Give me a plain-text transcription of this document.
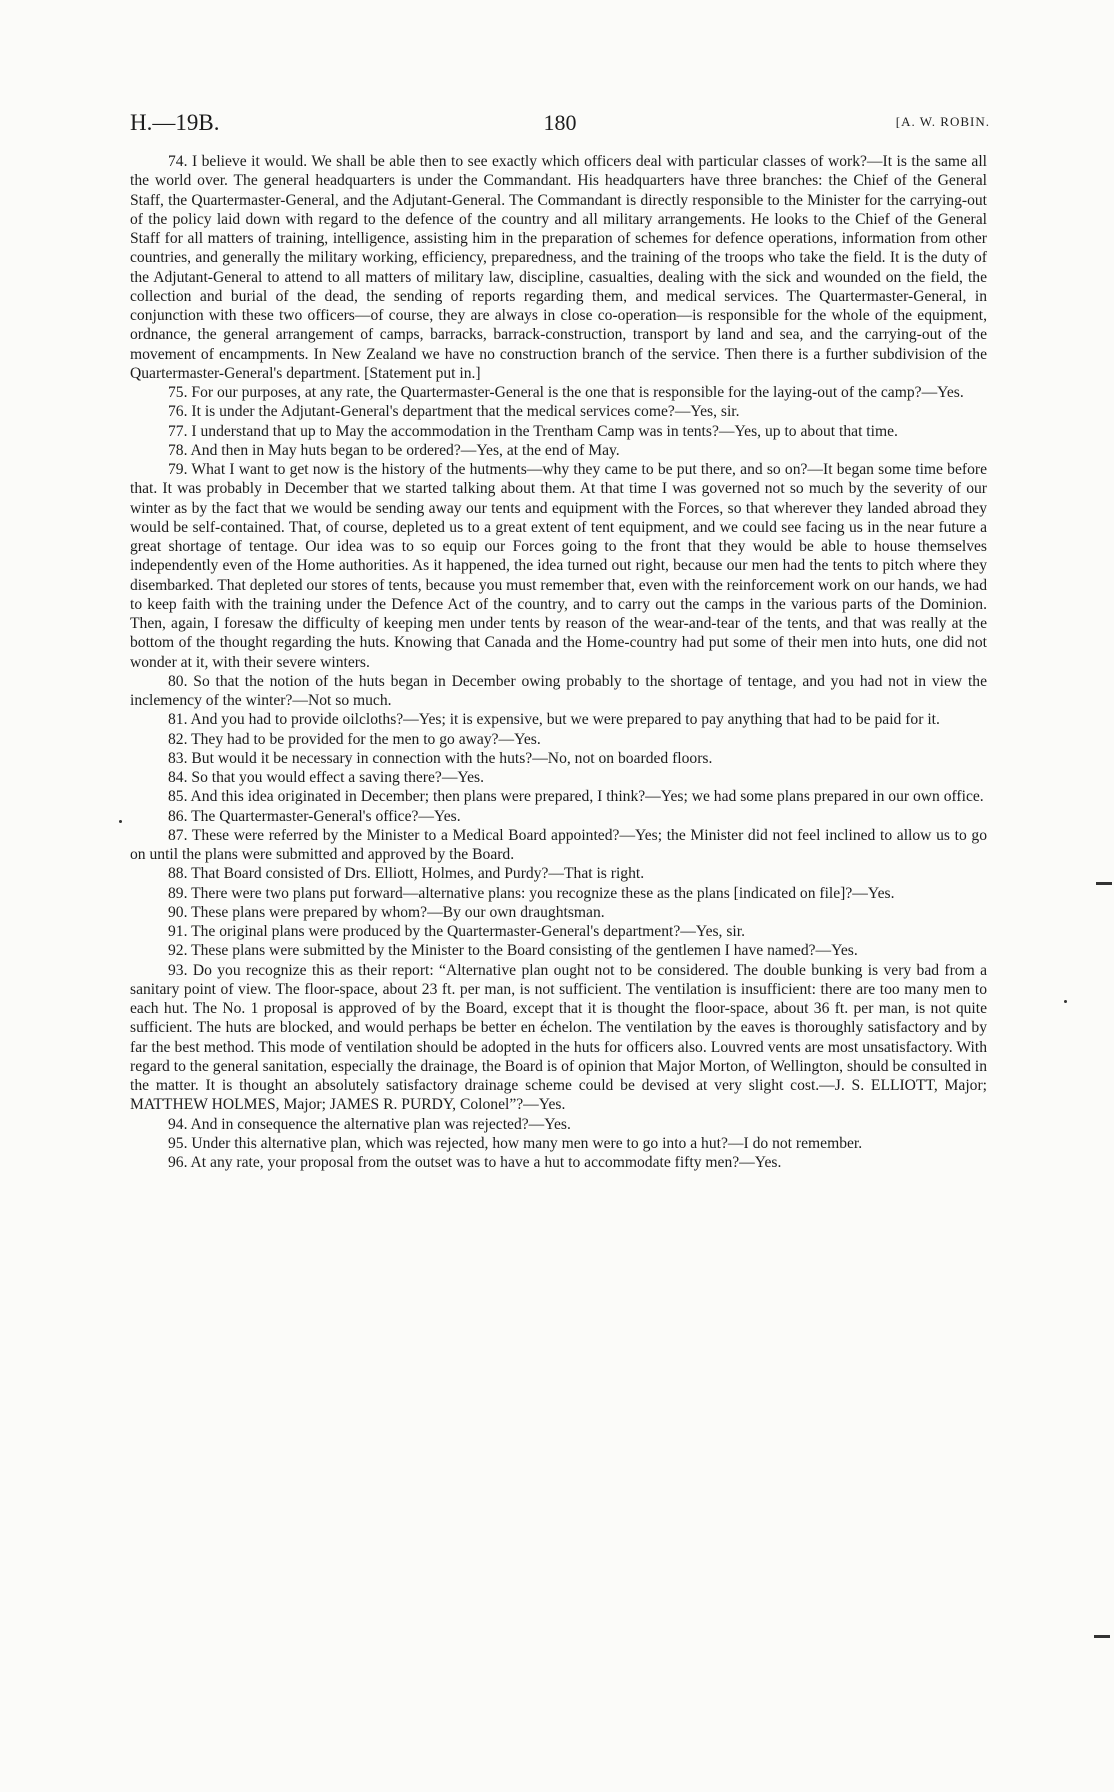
H.—19B.	180	[A. W. ROBIN.

74. I believe it would. We shall be able then to see exactly which officers deal with particular classes of work?—It is the same all the world over. The general headquarters is under the Commandant. His headquarters have three branches: the Chief of the General Staff, the Quartermaster-General, and the Adjutant-General. The Commandant is directly responsible to the Minister for the carrying-out of the policy laid down with regard to the defence of the country and all military arrangements. He looks to the Chief of the General Staff for all matters of training, intelligence, assisting him in the preparation of schemes for defence operations, information from other countries, and generally the military working, efficiency, preparedness, and the training of the troops who take the field. It is the duty of the Adjutant-General to attend to all matters of military law, discipline, casualties, dealing with the sick and wounded on the field, the collection and burial of the dead, the sending of reports regarding them, and medical services. The Quartermaster-General, in conjunction with these two officers—of course, they are always in close co-operation—is responsible for the whole of the equipment, ordnance, the general arrangement of camps, barracks, barrack-construction, transport by land and sea, and the carrying-out of the movement of encampments. In New Zealand we have no construction branch of the service. Then there is a further subdivision of the Quartermaster-General's department. [Statement put in.]

75. For our purposes, at any rate, the Quartermaster-General is the one that is responsible for the laying-out of the camp?—Yes.

76. It is under the Adjutant-General's department that the medical services come?—Yes, sir.

77. I understand that up to May the accommodation in the Trentham Camp was in tents?—Yes, up to about that time.

78. And then in May huts began to be ordered?—Yes, at the end of May.

79. What I want to get now is the history of the hutments—why they came to be put there, and so on?—It began some time before that. It was probably in December that we started talking about them. At that time I was governed not so much by the severity of our winter as by the fact that we would be sending away our tents and equipment with the Forces, so that wherever they landed abroad they would be self-contained. That, of course, depleted us to a great extent of tent equipment, and we could see facing us in the near future a great shortage of tentage. Our idea was to so equip our Forces going to the front that they would be able to house themselves independently even of the Home authorities. As it happened, the idea turned out right, because our men had the tents to pitch where they disembarked. That depleted our stores of tents, because you must remember that, even with the reinforcement work on our hands, we had to keep faith with the training under the Defence Act of the country, and to carry out the camps in the various parts of the Dominion. Then, again, I foresaw the difficulty of keeping men under tents by reason of the wear-and-tear of the tents, and that was really at the bottom of the thought regarding the huts. Knowing that Canada and the Home-country had put some of their men into huts, one did not wonder at it, with their severe winters.

80. So that the notion of the huts began in December owing probably to the shortage of tentage, and you had not in view the inclemency of the winter?—Not so much.

81. And you had to provide oilcloths?—Yes; it is expensive, but we were prepared to pay anything that had to be paid for it.

82. They had to be provided for the men to go away?—Yes.

83. But would it be necessary in connection with the huts?—No, not on boarded floors.

84. So that you would effect a saving there?—Yes.

85. And this idea originated in December; then plans were prepared, I think?—Yes; we had some plans prepared in our own office.

86. The Quartermaster-General's office?—Yes.

87. These were referred by the Minister to a Medical Board appointed?—Yes; the Minister did not feel inclined to allow us to go on until the plans were submitted and approved by the Board.

88. That Board consisted of Drs. Elliott, Holmes, and Purdy?—That is right.

89. There were two plans put forward—alternative plans: you recognize these as the plans [indicated on file]?—Yes.

90. These plans were prepared by whom?—By our own draughtsman.

91. The original plans were produced by the Quartermaster-General's department?—Yes, sir.

92. These plans were submitted by the Minister to the Board consisting of the gentlemen I have named?—Yes.

93. Do you recognize this as their report: “Alternative plan ought not to be considered. The double bunking is very bad from a sanitary point of view. The floor-space, about 23 ft. per man, is not sufficient. The ventilation is insufficient: there are too many men to each hut. The No. 1 proposal is approved of by the Board, except that it is thought the floor-space, about 36 ft. per man, is not quite sufficient. The huts are blocked, and would perhaps be better en échelon. The ventilation by the eaves is thoroughly satisfactory and by far the best method. This mode of ventilation should be adopted in the huts for officers also. Louvred vents are most unsatisfactory. With regard to the general sanitation, especially the drainage, the Board is of opinion that Major Morton, of Wellington, should be consulted in the matter. It is thought an absolutely satisfactory drainage scheme could be devised at very slight cost.—J. S. ELLIOTT, Major; MATTHEW HOLMES, Major; JAMES R. PURDY, Colonel”?—Yes.

94. And in consequence the alternative plan was rejected?—Yes.

95. Under this alternative plan, which was rejected, how many men were to go into a hut?—I do not remember.

96. At any rate, your proposal from the outset was to have a hut to accommodate fifty men?—Yes.
